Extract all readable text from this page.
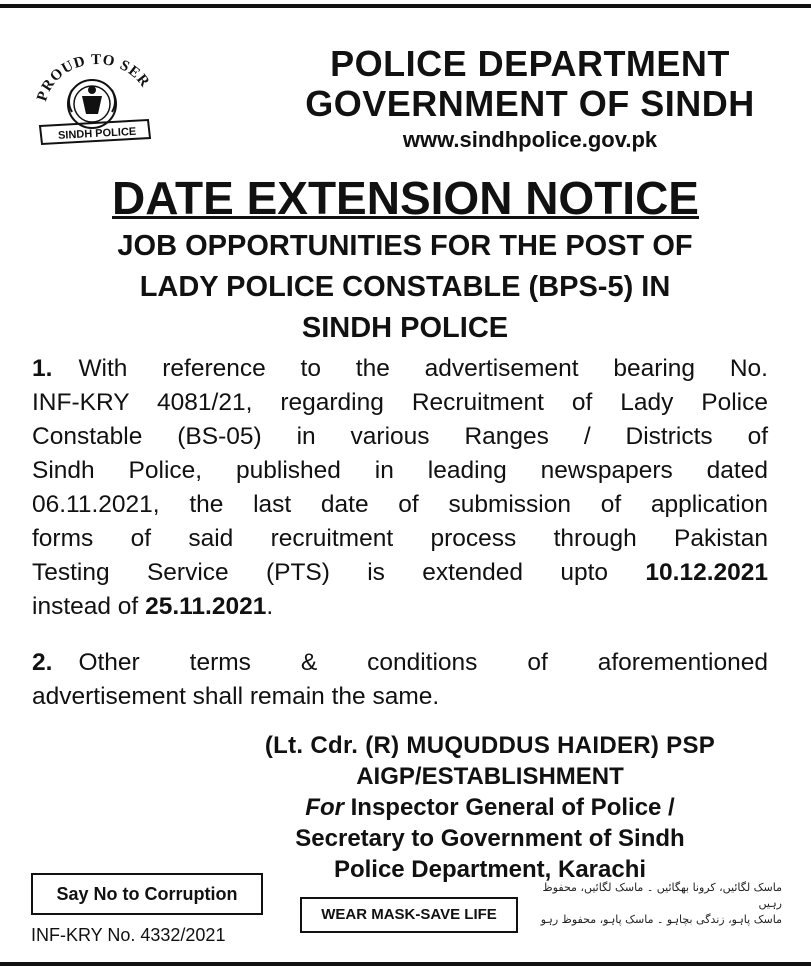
PROUD TO SER
SINDH POLICE
POLICE DEPARTMENT
GOVERNMENT OF SINDH
www.sindhpolice.gov.pk
DATE EXTENSION NOTICE
JOB OPPORTUNITIES FOR THE POST OF
LADY POLICE CONSTABLE (BPS-5) IN
SINDH POLICE
1. With reference to the advertisement bearing No.
INF-KRY 4081/21, regarding Recruitment of Lady Police
Constable (BS-05) in various Ranges / Districts of
Sindh Police, published in leading newspapers dated
06.11.2021, the last date of submission of application
forms of said recruitment process through Pakistan
Testing Service (PTS) is extended upto 10.12.2021
instead of 25.11.2021.
2. Other terms & conditions of aforementioned
advertisement shall remain the same.
(Lt. Cdr. (R) MUQUDDUS HAIDER) PSP
AIGP/ESTABLISHMENT
For Inspector General of Police /
Secretary to Government of Sindh
Police Department, Karachi
Say No to Corruption
WEAR MASK-SAVE LIFE
INF-KRY No. 4332/2021
ماسک لگائیں، کرونا بھگائیں ۔ ماسک لگائیں، محفوظ رہیں
ماسک پاہو، زندگی بچاہو ۔ ماسک پاہو، محفوظ رہو
